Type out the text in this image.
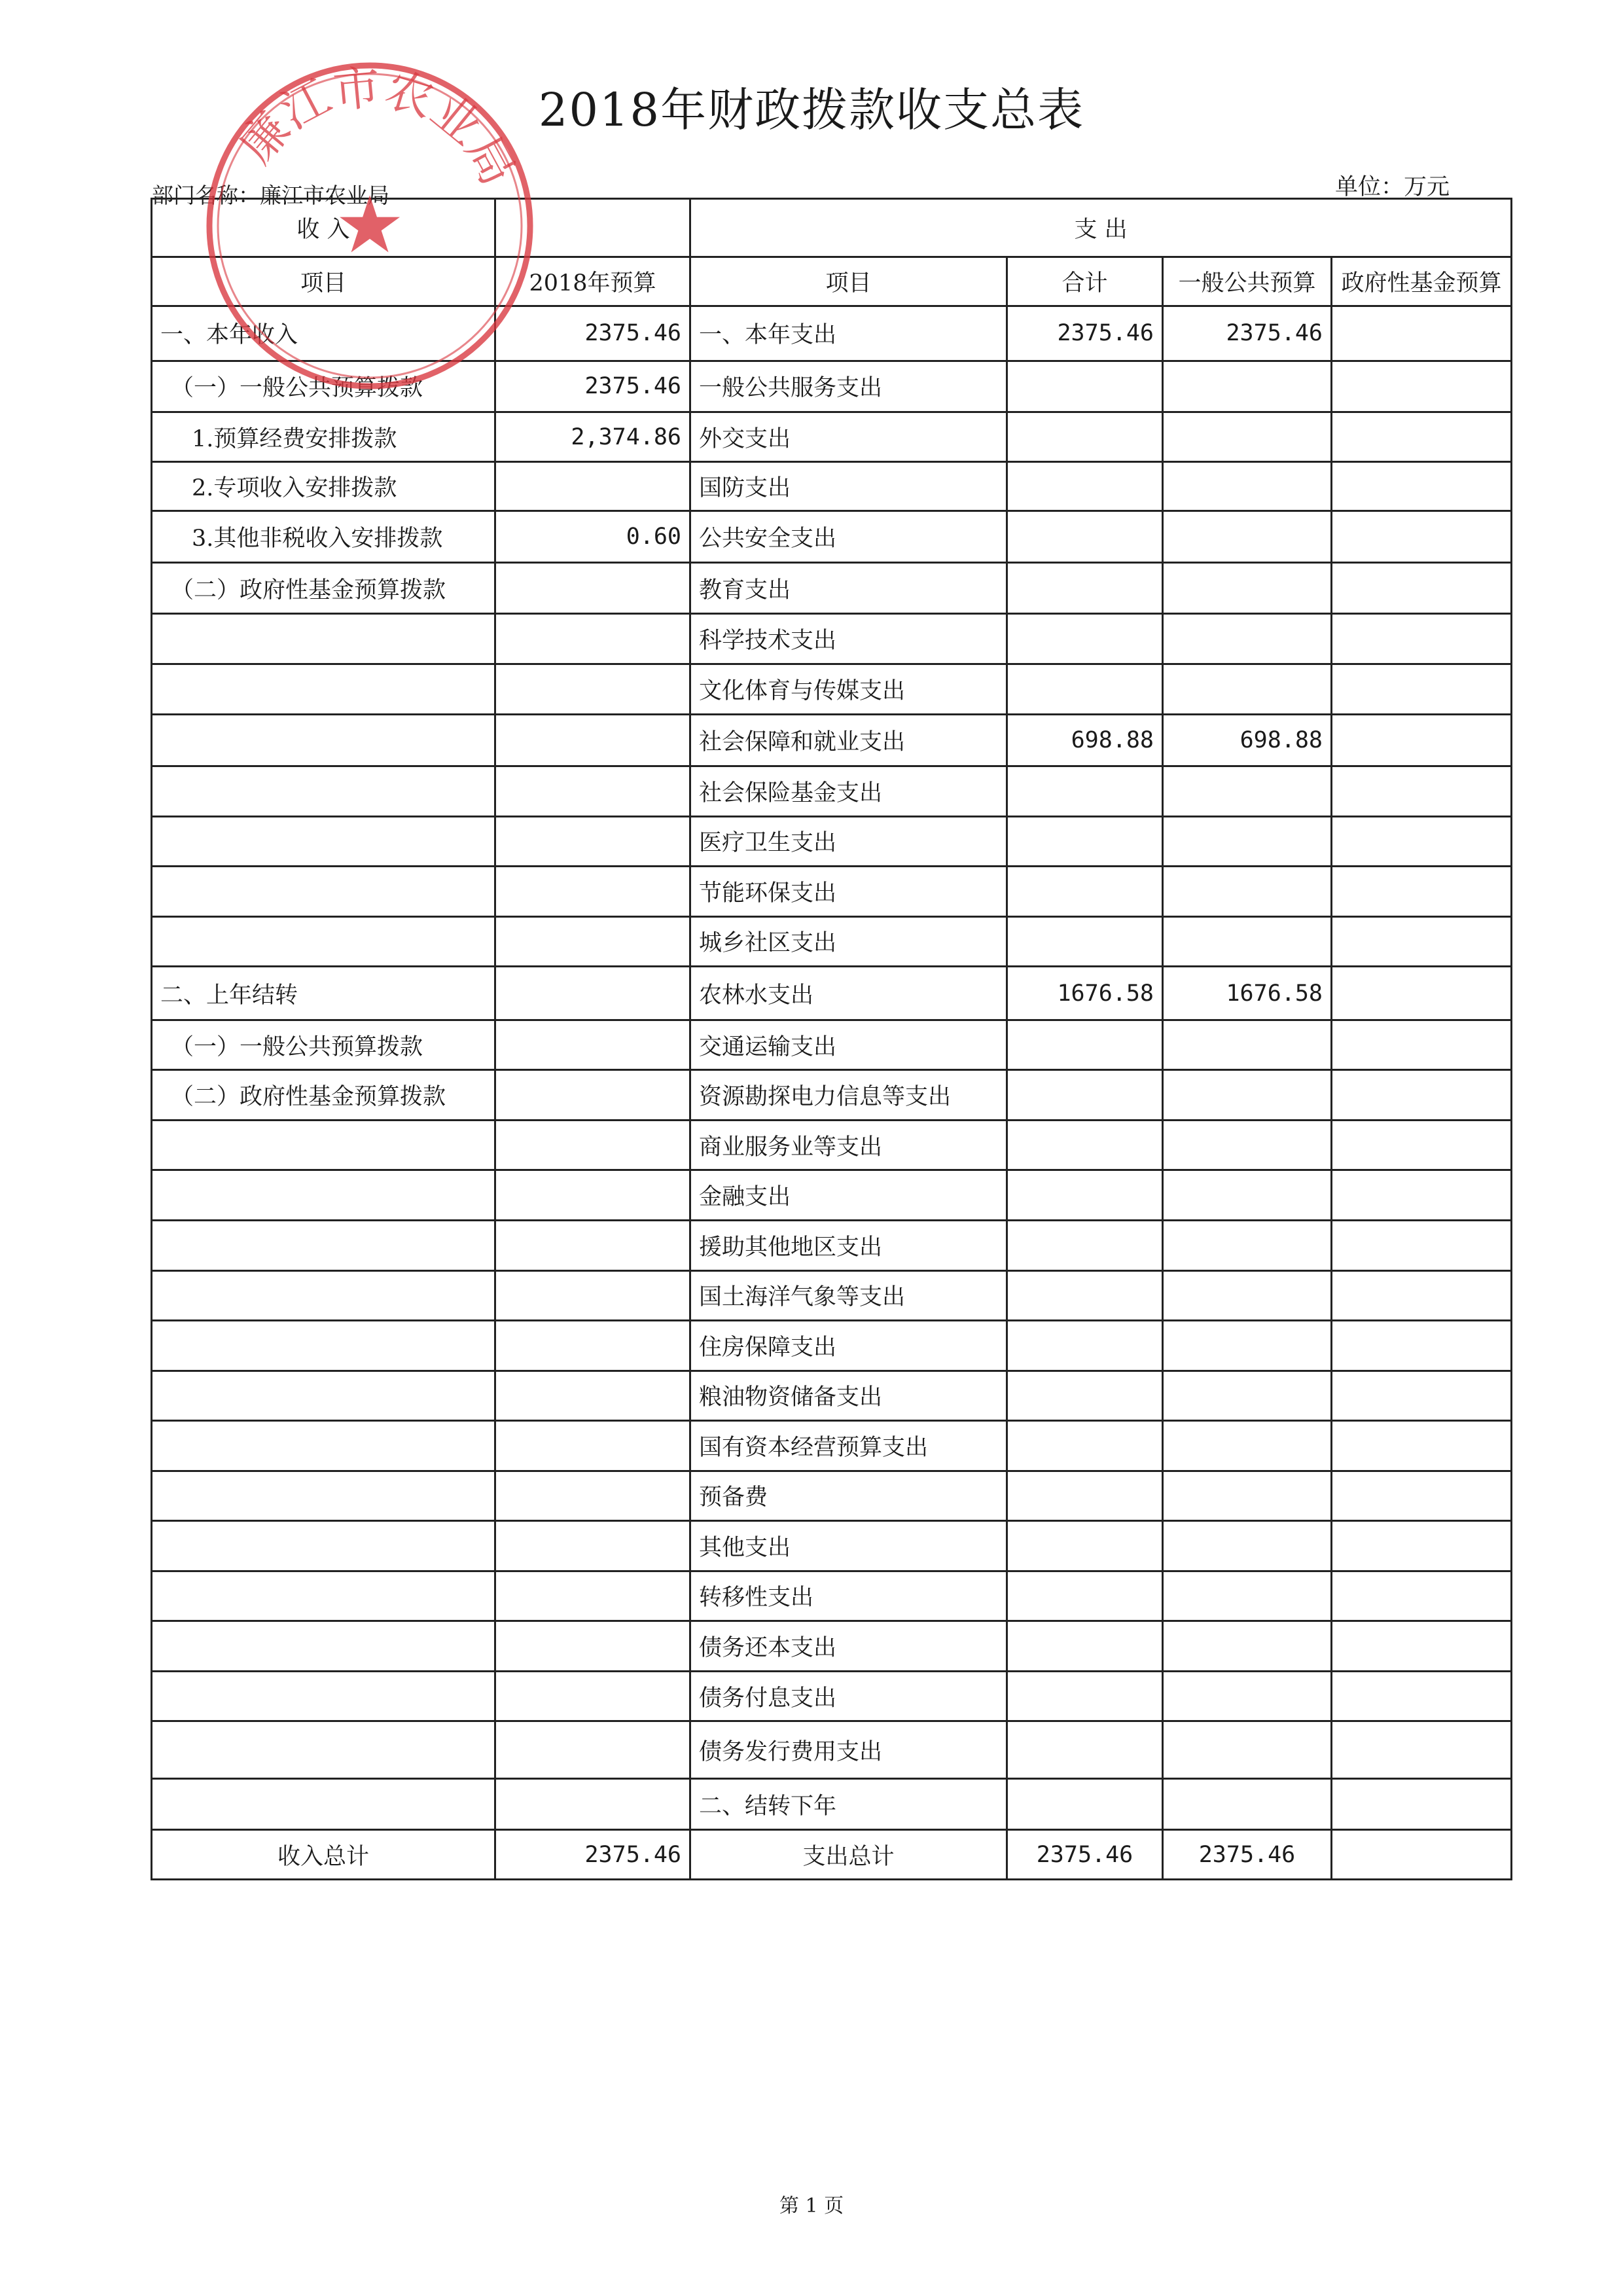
2018年财政拨款收支总表
部门名称：廉江市农业局	单位：万元
收 入		支 出			
项目	2018年预算	项目	合计	一般公共预算	政府性基金预算
一、本年收入	2375.46	一、本年支出	2375.46	2375.46	
（一）一般公共预算拨款	2375.46	一般公共服务支出			
1.预算经费安排拨款	2,374.86	外交支出			
2.专项收入安排拨款		国防支出			
3.其他非税收入安排拨款	0.60	公共安全支出			
（二）政府性基金预算拨款		教育支出			
		科学技术支出			
		文化体育与传媒支出			
		社会保障和就业支出	698.88	698.88	
		社会保险基金支出			
		医疗卫生支出			
		节能环保支出			
		城乡社区支出			
二、上年结转		农林水支出	1676.58	1676.58	
（一）一般公共预算拨款		交通运输支出			
（二）政府性基金预算拨款		资源勘探电力信息等支出			
		商业服务业等支出			
		金融支出			
		援助其他地区支出			
		国土海洋气象等支出			
		住房保障支出			
		粮油物资储备支出			
		国有资本经营预算支出			
		预备费			
		其他支出			
		转移性支出			
		债务还本支出			
		债务付息支出			
		债务发行费用支出			
		二、结转下年			
收入总计	2375.46	支出总计	2375.46	2375.46	
廉江市农业局
★
第 1 页
